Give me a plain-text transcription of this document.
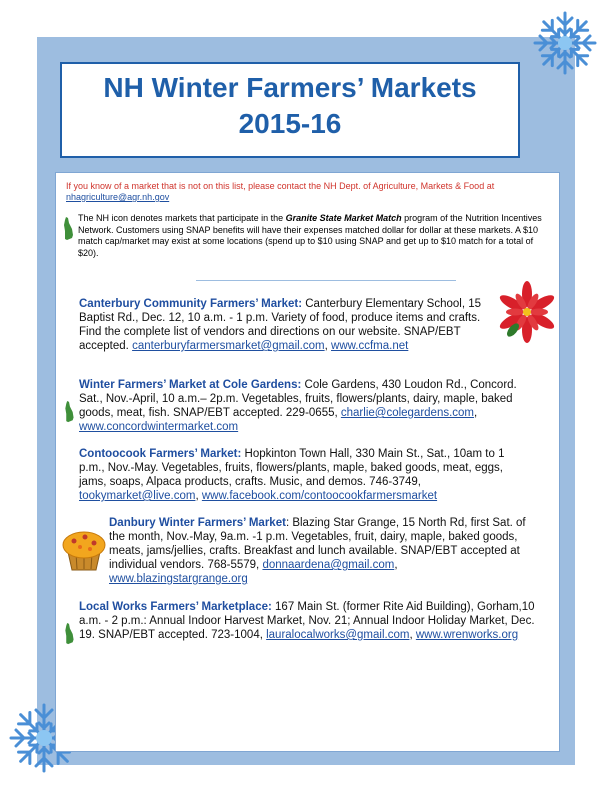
NH Winter Farmers’ Markets
2015-16
If you know of a market that is not on this list, please contact the NH Dept. of Agriculture, Markets & Food at nhagriculture@agr.nh.gov
The NH icon denotes markets that participate in the Granite State Market Match program of the Nutrition Incentives Network. Customers using SNAP benefits will have their expenses matched dollar for dollar at these markets. A $10 match cap/market may exist at some locations (spend up to $10 using SNAP and get up to $10 match for a total of $20).
Canterbury Community Farmers’ Market: Canterbury Elementary School, 15 Baptist Rd., Dec. 12, 10 a.m. - 1 p.m. Variety of food, produce items and crafts. Find the complete list of vendors and directions on our website. SNAP/EBT accepted. canterburyfarmersmarket@gmail.com, www.ccfma.net
Winter Farmers’ Market at Cole Gardens: Cole Gardens, 430 Loudon Rd., Concord. Sat., Nov.-April, 10 a.m.– 2p.m. Vegetables, fruits, flowers/plants, dairy, maple, baked goods, meat, fish. SNAP/EBT accepted. 229-0655, charlie@colegardens.com, www.concordwintermarket.com
Contoocook Farmers’ Market: Hopkinton Town Hall, 330 Main St., Sat., 10am to 1 p.m., Nov.-May. Vegetables, fruits, flowers/plants, maple, baked goods, meat, eggs, jams, soaps, Alpaca products, crafts. Music, and demos. 746-3749, tookymarket@live.com, www.facebook.com/contoocookfarmersmarket
Danbury Winter Farmers’ Market: Blazing Star Grange, 15 North Rd, first Sat. of the month, Nov.-May, 9a.m. -1 p.m. Vegetables, fruit, dairy, maple, baked goods, meats, jams/jellies, crafts. Breakfast and lunch available. SNAP/EBT accepted at individual vendors. 768-5579, donnaardena@gmail.com, www.blazingstargrange.org
Local Works Farmers’ Marketplace: 167 Main St. (former Rite Aid Building), Gorham,10 a.m. - 2 p.m.: Annual Indoor Harvest Market, Nov. 21; Annual Indoor Holiday Market, Dec. 19. SNAP/EBT accepted. 723-1004, lauralocalworks@gmail.com, www.wrenworks.org
